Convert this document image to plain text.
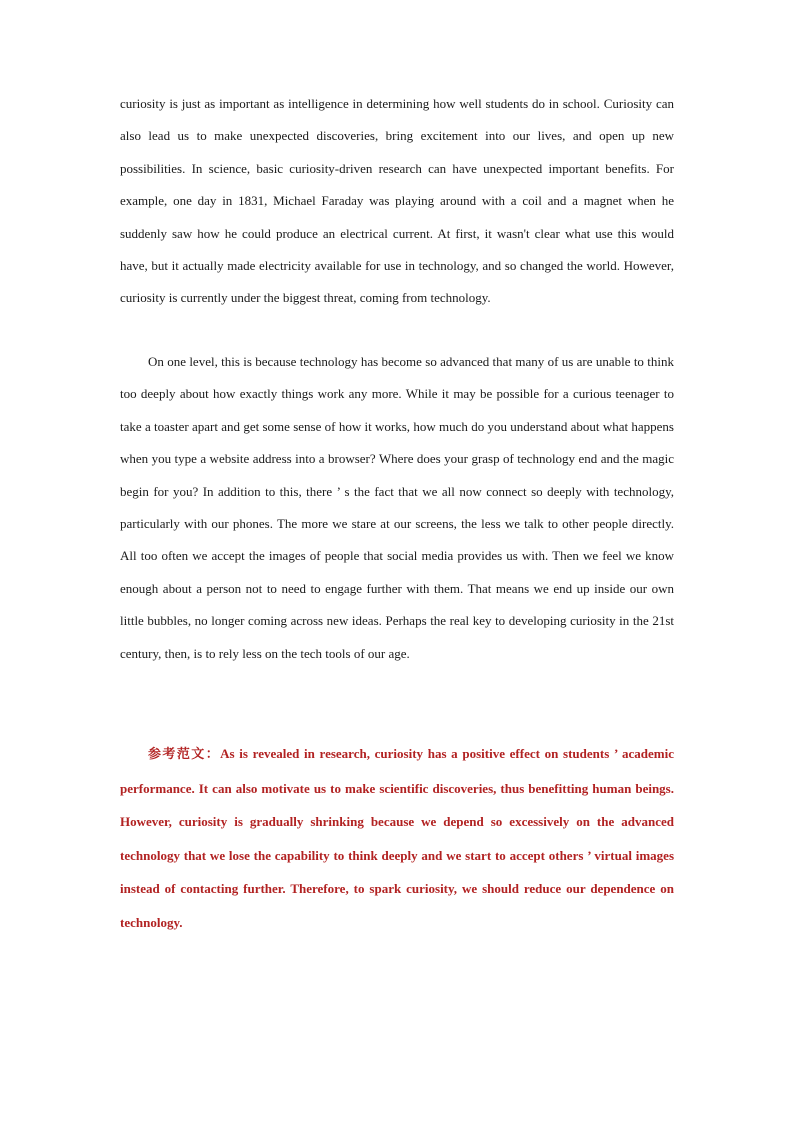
curiosity is just as important as intelligence in determining how well students do in school. Curiosity can also lead us to make unexpected discoveries, bring excitement into our lives, and open up new possibilities. In science, basic curiosity-driven research can have unexpected important benefits. For example, one day in 1831, Michael Faraday was playing around with a coil and a magnet when he suddenly saw how he could produce an electrical current. At first, it wasn't clear what use this would have, but it actually made electricity available for use in technology, and so changed the world. However, curiosity is currently under the biggest threat, coming from technology.

On one level, this is because technology has become so advanced that many of us are unable to think too deeply about how exactly things work any more. While it may be possible for a curious teenager to take a toaster apart and get some sense of how it works, how much do you understand about what happens when you type a website address into a browser? Where does your grasp of technology end and the magic begin for you? In addition to this, there ’ s the fact that we all now connect so deeply with technology, particularly with our phones. The more we stare at our screens, the less we talk to other people directly. All too often we accept the images of people that social media provides us with. Then we feel we know enough about a person not to need to engage further with them. That means we end up inside our own little bubbles, no longer coming across new ideas. Perhaps the real key to developing curiosity in the 21st century, then, is to rely less on the tech tools of our age.

参考范文：As is revealed in research, curiosity has a positive effect on students ’ academic performance. It can also motivate us to make scientific discoveries, thus benefitting human beings. However, curiosity is gradually shrinking because we depend so excessively on the advanced technology that we lose the capability to think deeply and we start to accept others ’ virtual images instead of contacting further. Therefore, to spark curiosity, we should reduce our dependence on technology.
